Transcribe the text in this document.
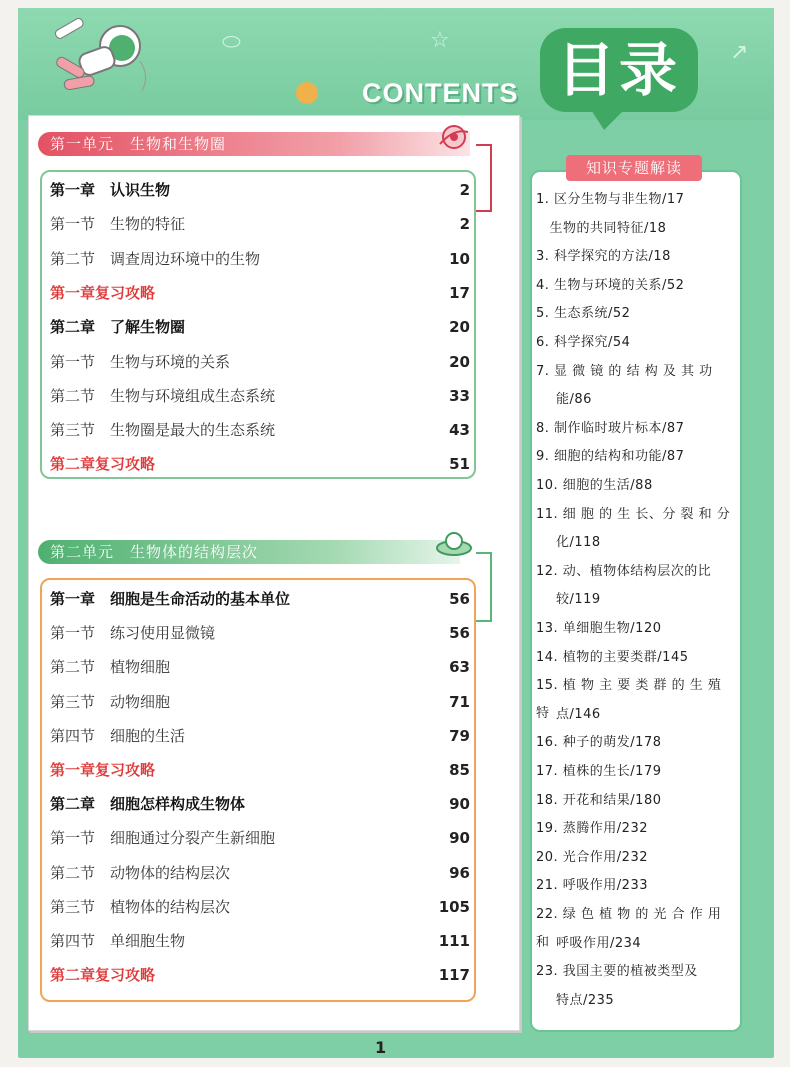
⬭	☆	↗
CONTENTS 目录
第一单元　生物和生物圈
第二单元　生物体的结构层次
第一章　认识生物	2
第一节　生物的特征	2
第二节　调查周边环境中的生物	10
第一章复习攻略	17
第二章　了解生物圈	20
第一节　生物与环境的关系	20
第二节　生物与环境组成生态系统	33
第三节　生物圈是最大的生态系统	43
第二章复习攻略	51
第一章　细胞是生命活动的基本单位	56
第一节　练习使用显微镜	56
第二节　植物细胞	63
第三节　动物细胞	71
第四节　细胞的生活	79
第一章复习攻略	85
第二章　细胞怎样构成生物体	90
第一节　细胞通过分裂产生新细胞	90
第二节　动物体的结构层次	96
第三节　植物体的结构层次	105
第四节　单细胞生物	111
第二章复习攻略	117
知识专题解读
1. 区分生物与非生物/17
　生物的共同特征/18
3. 科学探究的方法/18
4. 生物与环境的关系/52
5. 生态系统/52
6. 科学探究/54
7. 显 微 镜 的 结 构 及 其 功
能/86
8. 制作临时玻片标本/87
9. 细胞的结构和功能/87
10. 细胞的生活/88
11. 细 胞 的 生 长、分 裂 和 分
化/118
12. 动、植物体结构层次的比
较/119
13. 单细胞生物/120
14. 植物的主要类群/145
15. 植 物 主 要 类 群 的 生 殖 特 点/146
16. 种子的萌发/178
17. 植株的生长/179
18. 开花和结果/180
19. 蒸腾作用/232
20. 光合作用/232
21. 呼吸作用/233
22. 绿 色 植 物 的 光 合 作 用 和 呼吸作用/234
23. 我国主要的植被类型及
特点/235
1
